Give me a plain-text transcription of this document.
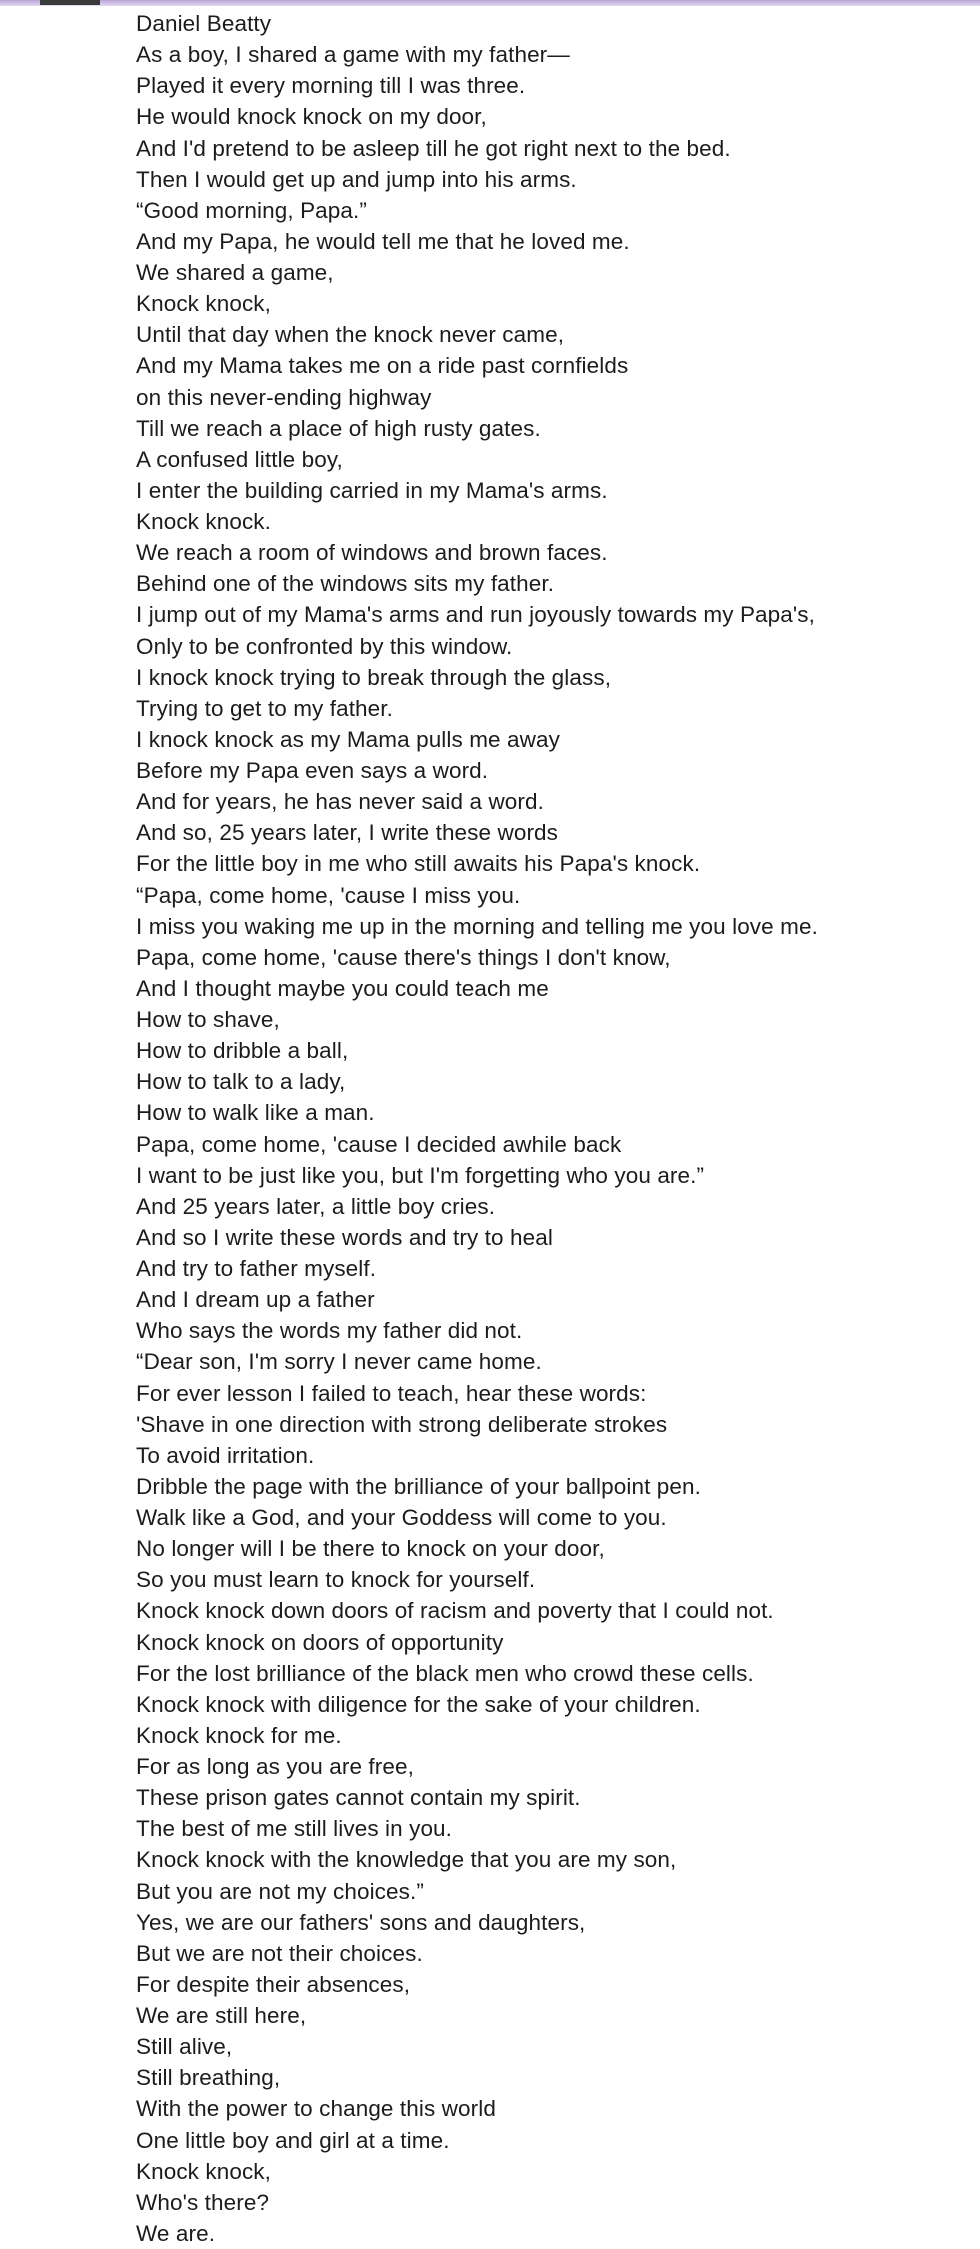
Daniel Beatty
As a boy, I shared a game with my father—
Played it every morning till I was three.
He would knock knock on my door,
And I'd pretend to be asleep till he got right next to the bed.
Then I would get up and jump into his arms.
“Good morning, Papa.”
And my Papa, he would tell me that he loved me.
We shared a game,
Knock knock,
Until that day when the knock never came,
And my Mama takes me on a ride past cornfields
on this never-ending highway
Till we reach a place of high rusty gates.
A confused little boy,
I enter the building carried in my Mama's arms.
Knock knock.
We reach a room of windows and brown faces.
Behind one of the windows sits my father.
I jump out of my Mama's arms and run joyously towards my Papa's,
Only to be confronted by this window.
I knock knock trying to break through the glass,
Trying to get to my father.
I knock knock as my Mama pulls me away
Before my Papa even says a word.
And for years, he has never said a word.
And so, 25 years later, I write these words
For the little boy in me who still awaits his Papa's knock.
“Papa, come home, 'cause I miss you.
I miss you waking me up in the morning and telling me you love me.
Papa, come home, 'cause there's things I don't know,
And I thought maybe you could teach me
How to shave,
How to dribble a ball,
How to talk to a lady,
How to walk like a man.
Papa, come home, 'cause I decided awhile back
I want to be just like you, but I'm forgetting who you are.”
And 25 years later, a little boy cries.
And so I write these words and try to heal
And try to father myself.
And I dream up a father
Who says the words my father did not.
“Dear son, I'm sorry I never came home.
For ever lesson I failed to teach, hear these words:
'Shave in one direction with strong deliberate strokes
To avoid irritation.
Dribble the page with the brilliance of your ballpoint pen.
Walk like a God, and your Goddess will come to you.
No longer will I be there to knock on your door,
So you must learn to knock for yourself.
Knock knock down doors of racism and poverty that I could not.
Knock knock on doors of opportunity
For the lost brilliance of the black men who crowd these cells.
Knock knock with diligence for the sake of your children.
Knock knock for me.
For as long as you are free,
These prison gates cannot contain my spirit.
The best of me still lives in you.
Knock knock with the knowledge that you are my son,
But you are not my choices.”
Yes, we are our fathers' sons and daughters,
But we are not their choices.
For despite their absences,
We are still here,
Still alive,
Still breathing,
With the power to change this world
One little boy and girl at a time.
Knock knock,
Who's there?
We are.
